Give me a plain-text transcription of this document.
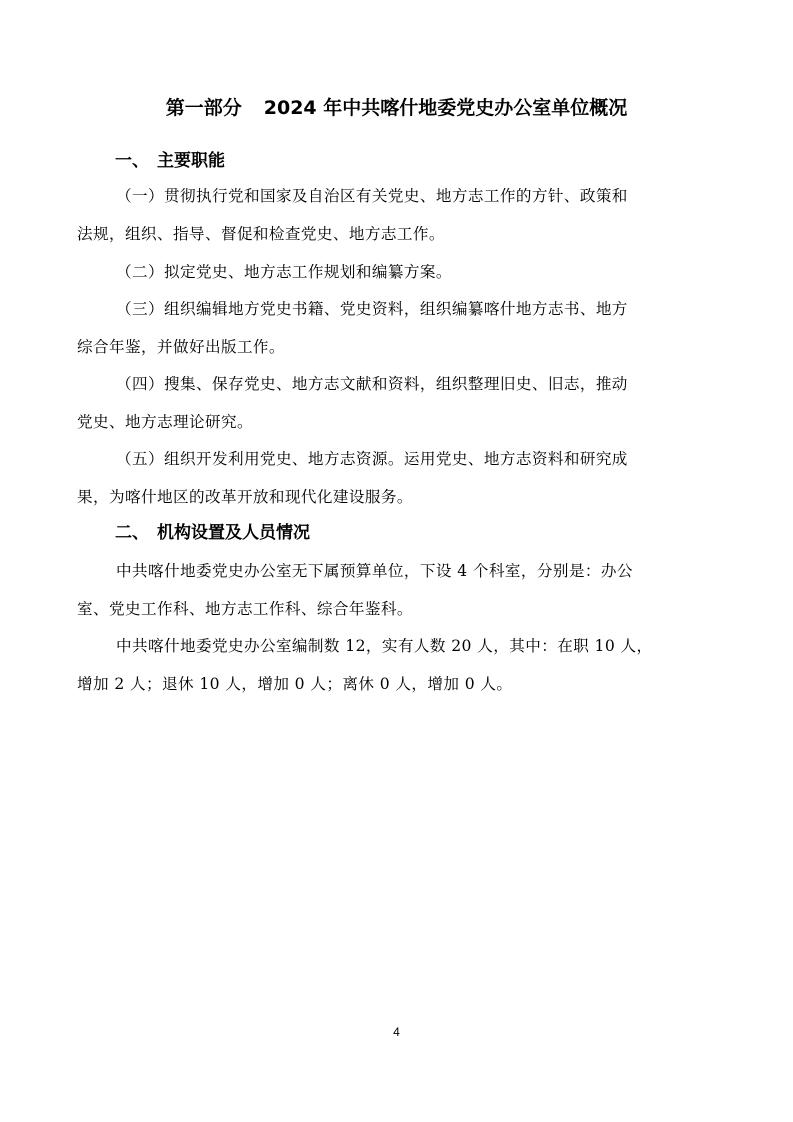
第一部分 2024 年中共喀什地委党史办公室单位概况
一、 主要职能
（一）贯彻执行党和国家及自治区有关党史、地方志工作的方针、政策和
法规，组织、指导、督促和检查党史、地方志工作。
（二）拟定党史、地方志工作规划和编纂方案。
（三）组织编辑地方党史书籍、党史资料，组织编纂喀什地方志书、地方
综合年鉴，并做好出版工作。
（四）搜集、保存党史、地方志文献和资料，组织整理旧史、旧志，推动
党史、地方志理论研究。
（五）组织开发利用党史、地方志资源。运用党史、地方志资料和研究成
果，为喀什地区的改革开放和现代化建设服务。
二、 机构设置及人员情况
中共喀什地委党史办公室无下属预算单位，下设 4 个科室，分别是：办公
室、党史工作科、地方志工作科、综合年鉴科。
中共喀什地委党史办公室编制数 12，实有人数 20 人，其中：在职 10 人，
增加 2 人；退休 10 人，增加 0 人；离休 0 人，增加 0 人。
4
